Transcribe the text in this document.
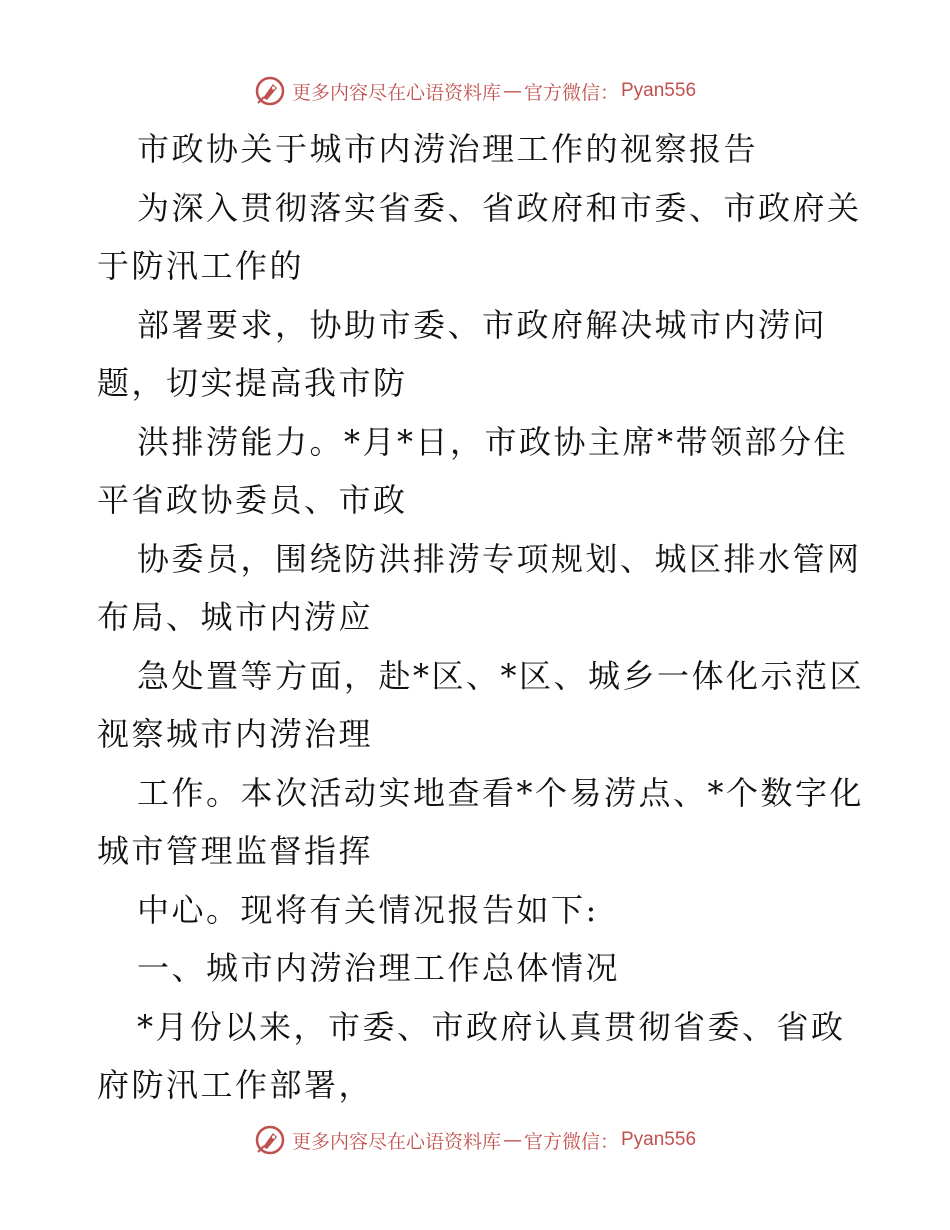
更多内容尽在心语资料库 — 官方微信： Pyan556
市政协关于城市内涝治理工作的视察报告
为深入贯彻落实省委、省政府和市委、市政府关
于防汛工作的
部署要求，协助市委、市政府解决城市内涝问
题，切实提高我市防
洪排涝能力。*月*日，市政协主席*带领部分住
平省政协委员、市政
协委员，围绕防洪排涝专项规划、城区排水管网
布局、城市内涝应
急处置等方面，赴*区、*区、城乡一体化示范区
视察城市内涝治理
工作。本次活动实地查看*个易涝点、*个数字化
城市管理监督指挥
中心。现将有关情况报告如下:
一、城市内涝治理工作总体情况
*月份以来，市委、市政府认真贯彻省委、省政
府防汛工作部署，
更多内容尽在心语资料库 — 官方微信： Pyan556
